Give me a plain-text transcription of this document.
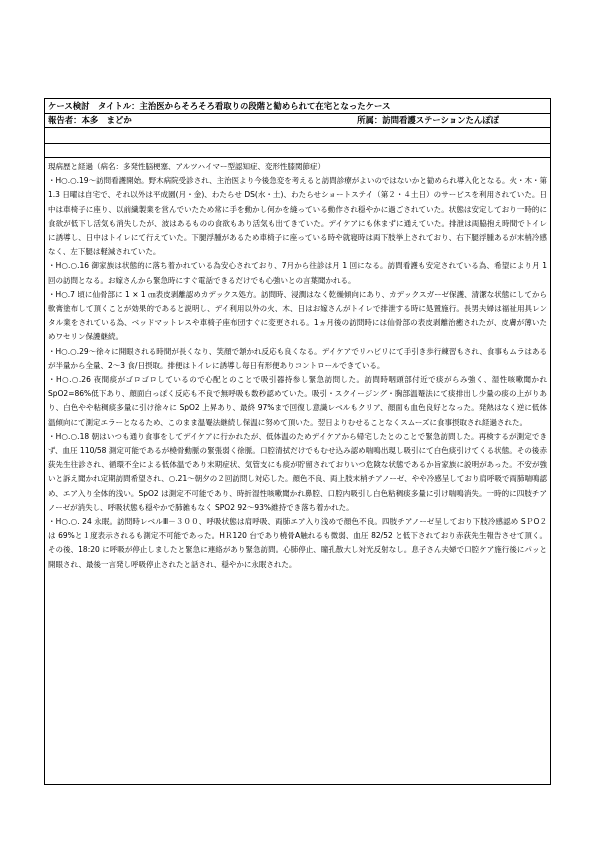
ケース検討　タイトル：主治医からそろそろ看取りの段階と勧められて在宅となったケース
報告者：本多　まどか	所属：訪問看護ステーションたんぽぽ

現病歴と経過（病名：多発性脳梗塞、アルツハイマー型認知症、変形性膝関節症）

・H○.○.19～訪問看護開始。野木病院受診され、主治医より今後急変を考えると訪問診療がよいのではないかと勧められ導入化となる。火・木・第 1.3 日曜は自宅で、それ以外は平成園(月・金)、わたらせ DS(水・土)、わたらせショートステイ（第２・４土日）のサービスを利用されていた。日中は車椅子に座り、以前繊製業を営んでいたため常に手を動かし何かを縫っている動作され穏やかに過ごされていた。状態は安定しており一時的に食欲が低下し活気も消失したが、波はあるものの食欲もあり活気も出てきていた。デイケアにも休まずに通えていた。排泄は両脇抱え時間でトイレに誘導し、日中はトイレにて行えていた。下腿浮腫があるため車椅子に座っている時や就寝時は両下肢挙上されており、右下腿浮腫あるが末梢冷感なく、左下腿は軽減されていた。

・H○.○.16 御家族は状態的に落ち着かれている為安心されており、7月から往診は月 1 回になる。訪問看護も安定されている為、希望により月 1 回の訪問となる。お嫁さんから緊急時にすぐ電話できるだけでも心強いとの言葉聞かれる。

・H○.7 頃に仙骨部に 1 × 1 ㎝表皮剥離認めカデックス処方。訪問時、浸潤はなく乾燥傾向にあり、カデックスガーゼ保護、清潔な状態にしてから軟膏塗布して頂くことが効果的であると説明し、デイ利用以外の火、木、日はお嫁さんがトイレで排泄する時に処置施行。長男夫婦は福祉用具レンタル業をされている為、ベッドマットレスや車椅子座布団すぐに変更される。1ヵ月後の訪問時には仙骨部の表皮剥離治癒されたが、皮膚が薄いためワセリン保護継続。

・H○.○.29～徐々に開眼される時間が長くなり、笑顔で頷かれ反応も良くなる。デイケアでリハビリにて手引き歩行練習もされ、食事もムラはあるが半量から全量、2～3 食/日摂取。排便はトイレに誘導し毎日有形便ありコントロールできている。

・H○.○.26 夜間痰がゴロゴロしているので心配とのことで吸引器持参し緊急訪問した。訪問時咽頭部付近で痰がらみ強く、湿性咳嗽聞かれ SpO2=86%低下あり、顔面白っぽく反応も不良で無呼吸も数秒認めていた。吸引・スクイージング・胸部温罨法にて痰排出し少量の痰の上がりあり、白色やや粘稠痰多量に引け徐々に SpO2 上昇あり、最終 97%まで回復し意識レベルもクリア、顔面も血色良好となった。発熱はなく逆に低体温傾向にて測定エラーとなるため、このまま温罨法継続し保温に努めて頂いた。翌日よりむせることなくスムーズに食事摂取され経過された。

・H○.○.18 朝はいつも通り食事をしてデイケアに行かれたが、低体温のためデイケアから帰宅したとのことで緊急訪問した。再検するが測定できず、血圧 110/58 測定可能であるが橈骨動脈の緊張弱く徐脈。口腔清拭だけでもむせ込み認め喘鳴出現し吸引にて白色痰引けてくる状態。その後赤荻先生往診され、循環不全による低体温であり末期症状、気管支にも痰が貯留されておりいつ危険な状態であるか旨家族に説明があった。不安が強いと訴え聞かれ定期訪問希望され、○.21～朝夕の２回訪問し対応した。顔色不良、両上肢末梢チアノーゼ、やや冷感呈しており肩呼吸で両肺喘鳴認め、エア入り全体的浅い。SpO2 は測定不可能であり、時折湿性咳嗽聞かれ鼻腔、口腔内吸引し白色粘稠痰多量に引け喘鳴消失。一時的に四肢チアノーゼが消失し、呼吸状態も穏やかで肺雑もなく SPO2 92～93%維持でき落ち着かれた。

・H○.○. 24 永眠。訪問時レベルⅢ－３００、呼吸状態は肩呼吸、両肺エア入り浅めで顔色不良。四肢チアノーゼ呈しており下肢冷感認め SＰO２ は 69%と１度表示されるも測定不可能であった。HＲ120 台であり橈骨A触れるも微弱、血圧 82/52 と低下されており赤荻先生報告させて頂く。その後、18:20 に呼吸が停止しましたと緊急に連絡があり緊急訪問。心肺停止、瞳孔散大し対光反射なし。息子さん夫婦で口腔ケア施行後にパッと開眼され、最後一言発し呼吸停止されたと話され、穏やかに永眠された。
